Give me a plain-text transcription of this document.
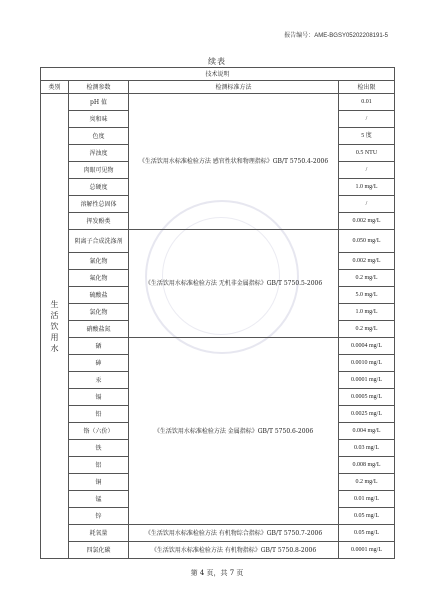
报告编号：AME-BGSY05202208191-5
续表
技术说明			
类别	检测参数	检测标准方法	检出限

生
活
饮
用
水	pH 值	《生活饮用水标准检验方法 感官性状和物理指标》GB/T 5750.4-2006	0.01
	臭和味		/
	色度		5 度
	浑浊度		0.5 NTU
	肉眼可见物		/
	总硬度		1.0 mg/L
	溶解性总固体		/
	挥发酚类		0.002 mg/L
	阴离子合成洗涤剂	《生活饮用水标准检验方法 无机非金属指标》GB/T 5750.5-2006	0.050 mg/L
	氰化物		0.002 mg/L
	氟化物		0.2 mg/L
	硫酸盐		5.0 mg/L
	氯化物		1.0 mg/L
	硝酸盐氮		0.2 mg/L
	硒	《生活饮用水标准检验方法 金属指标》GB/T 5750.6-2006	0.0004 mg/L
	砷		0.0010 mg/L
	汞		0.0001 mg/L
	镉		0.0005 mg/L
	铅		0.0025 mg/L
	铬（六价）		0.004 mg/L
	铁		0.03 mg/L
	铝		0.008 mg/L
	铜		0.2 mg/L
	锰		0.01 mg/L
	锌		0.05 mg/L
	耗氧量	《生活饮用水标准检验方法 有机物综合指标》GB/T 5750.7-2006	0.05 mg/L
	四氯化碳	《生活饮用水标准检验方法 有机物指标》GB/T 5750.8-2006	0.0001 mg/L
第 4 页，共 7 页
